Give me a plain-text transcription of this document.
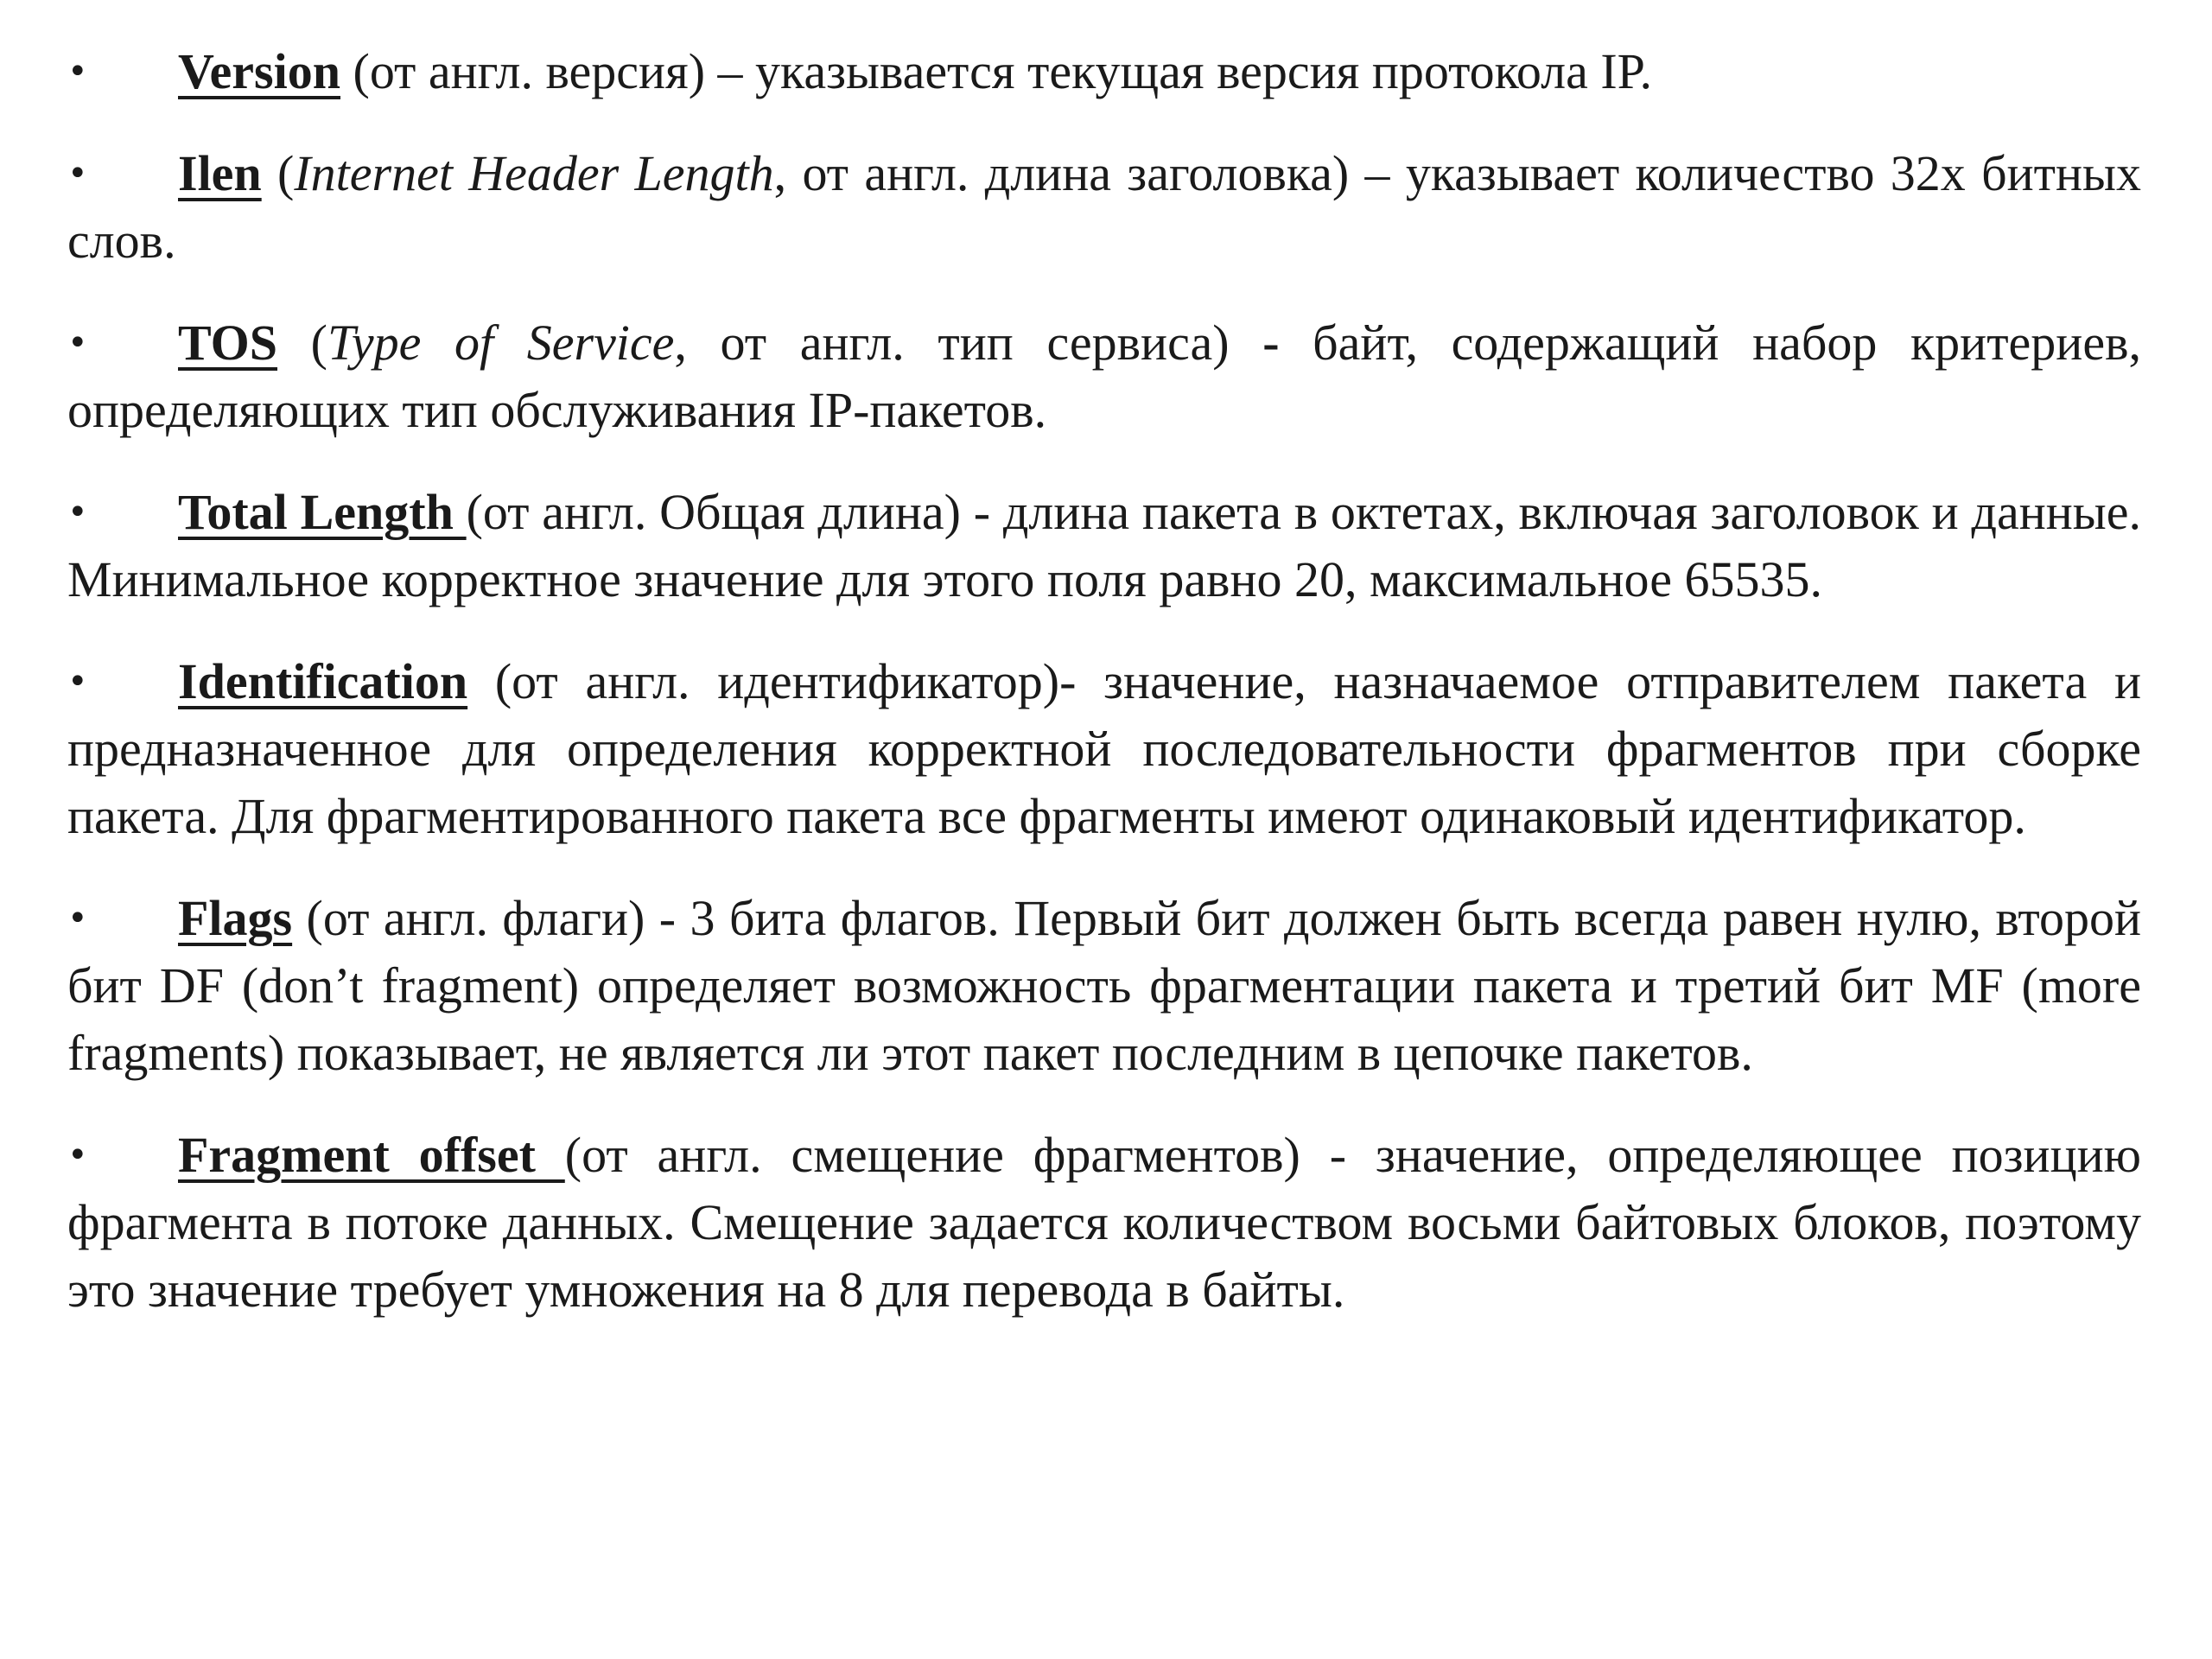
• Version (от англ. версия) – указывается текущая версия протокола IP.

• Ilen (Internet Header Length, от англ. длина заголовка) – указывает количество 32х битных слов.

• TOS (Type of Service, от англ. тип сервиса) - байт, содержащий набор критериев, определяющих тип обслуживания IP-пакетов.

• Total Length (от англ. Общая длина) - длина пакета в октетах, включая заголовок и данные. Минимальное корректное значение для этого поля равно 20, максимальное 65535.

• Identification (от англ. идентификатор)- значение, назначаемое отправителем пакета и предназначенное для определения корректной последовательности фрагментов при сборке пакета. Для фрагментированного пакета все фрагменты имеют одинаковый идентификатор.

• Flags (от англ. флаги) - 3 бита флагов. Первый бит должен быть всегда равен нулю, второй бит DF (don’t fragment) определяет возможность фрагментации пакета и третий бит MF (more fragments) показывает, не является ли этот пакет последним в цепочке пакетов.

• Fragment offset (от англ. смещение фрагментов) - значение, определяющее позицию фрагмента в потоке данных. Смещение задается количеством восьми байтовых блоков, поэтому это значение требует умножения на 8 для перевода в байты.
